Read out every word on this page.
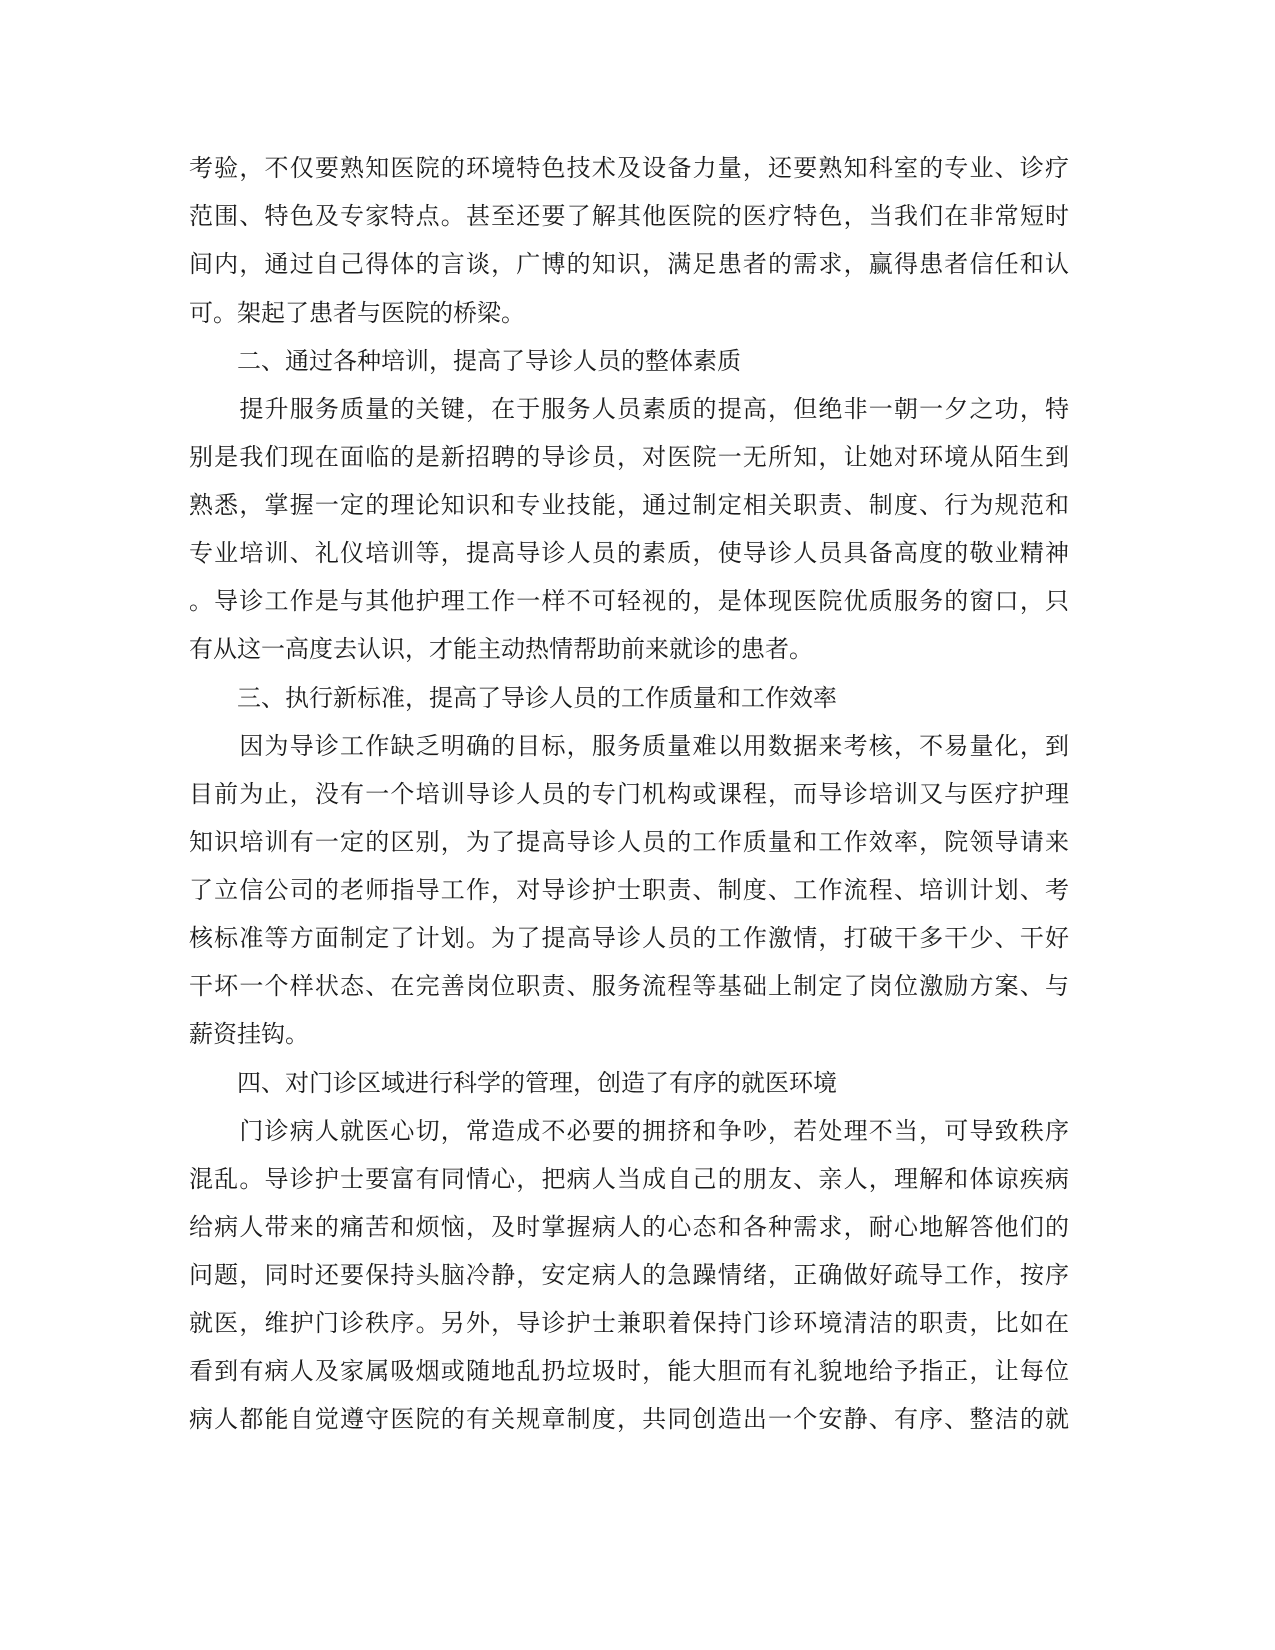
考验，不仅要熟知医院的环境特色技术及设备力量，还要熟知科室的专业、诊疗
范围、特色及专家特点。甚至还要了解其他医院的医疗特色，当我们在非常短时
间内，通过自己得体的言谈，广博的知识，满足患者的需求，赢得患者信任和认
可。架起了患者与医院的桥梁。
　　二、通过各种培训，提高了导诊人员的整体素质
　　提升服务质量的关键，在于服务人员素质的提高，但绝非一朝一夕之功，特
别是我们现在面临的是新招聘的导诊员，对医院一无所知，让她对环境从陌生到
熟悉，掌握一定的理论知识和专业技能，通过制定相关职责、制度、行为规范和
专业培训、礼仪培训等，提高导诊人员的素质，使导诊人员具备高度的敬业精神
。导诊工作是与其他护理工作一样不可轻视的，是体现医院优质服务的窗口，只
有从这一高度去认识，才能主动热情帮助前来就诊的患者。
　　三、执行新标准，提高了导诊人员的工作质量和工作效率
　　因为导诊工作缺乏明确的目标，服务质量难以用数据来考核，不易量化，到
目前为止，没有一个培训导诊人员的专门机构或课程，而导诊培训又与医疗护理
知识培训有一定的区别，为了提高导诊人员的工作质量和工作效率，院领导请来
了立信公司的老师指导工作，对导诊护士职责、制度、工作流程、培训计划、考
核标准等方面制定了计划。为了提高导诊人员的工作激情，打破干多干少、干好
干坏一个样状态、在完善岗位职责、服务流程等基础上制定了岗位激励方案、与
薪资挂钩。
　　四、对门诊区域进行科学的管理，创造了有序的就医环境
　　门诊病人就医心切，常造成不必要的拥挤和争吵，若处理不当，可导致秩序
混乱。导诊护士要富有同情心，把病人当成自己的朋友、亲人，理解和体谅疾病
给病人带来的痛苦和烦恼，及时掌握病人的心态和各种需求，耐心地解答他们的
问题，同时还要保持头脑冷静，安定病人的急躁情绪，正确做好疏导工作，按序
就医，维护门诊秩序。另外，导诊护士兼职着保持门诊环境清洁的职责，比如在
看到有病人及家属吸烟或随地乱扔垃圾时，能大胆而有礼貌地给予指正，让每位
病人都能自觉遵守医院的有关规章制度，共同创造出一个安静、有序、整洁的就
